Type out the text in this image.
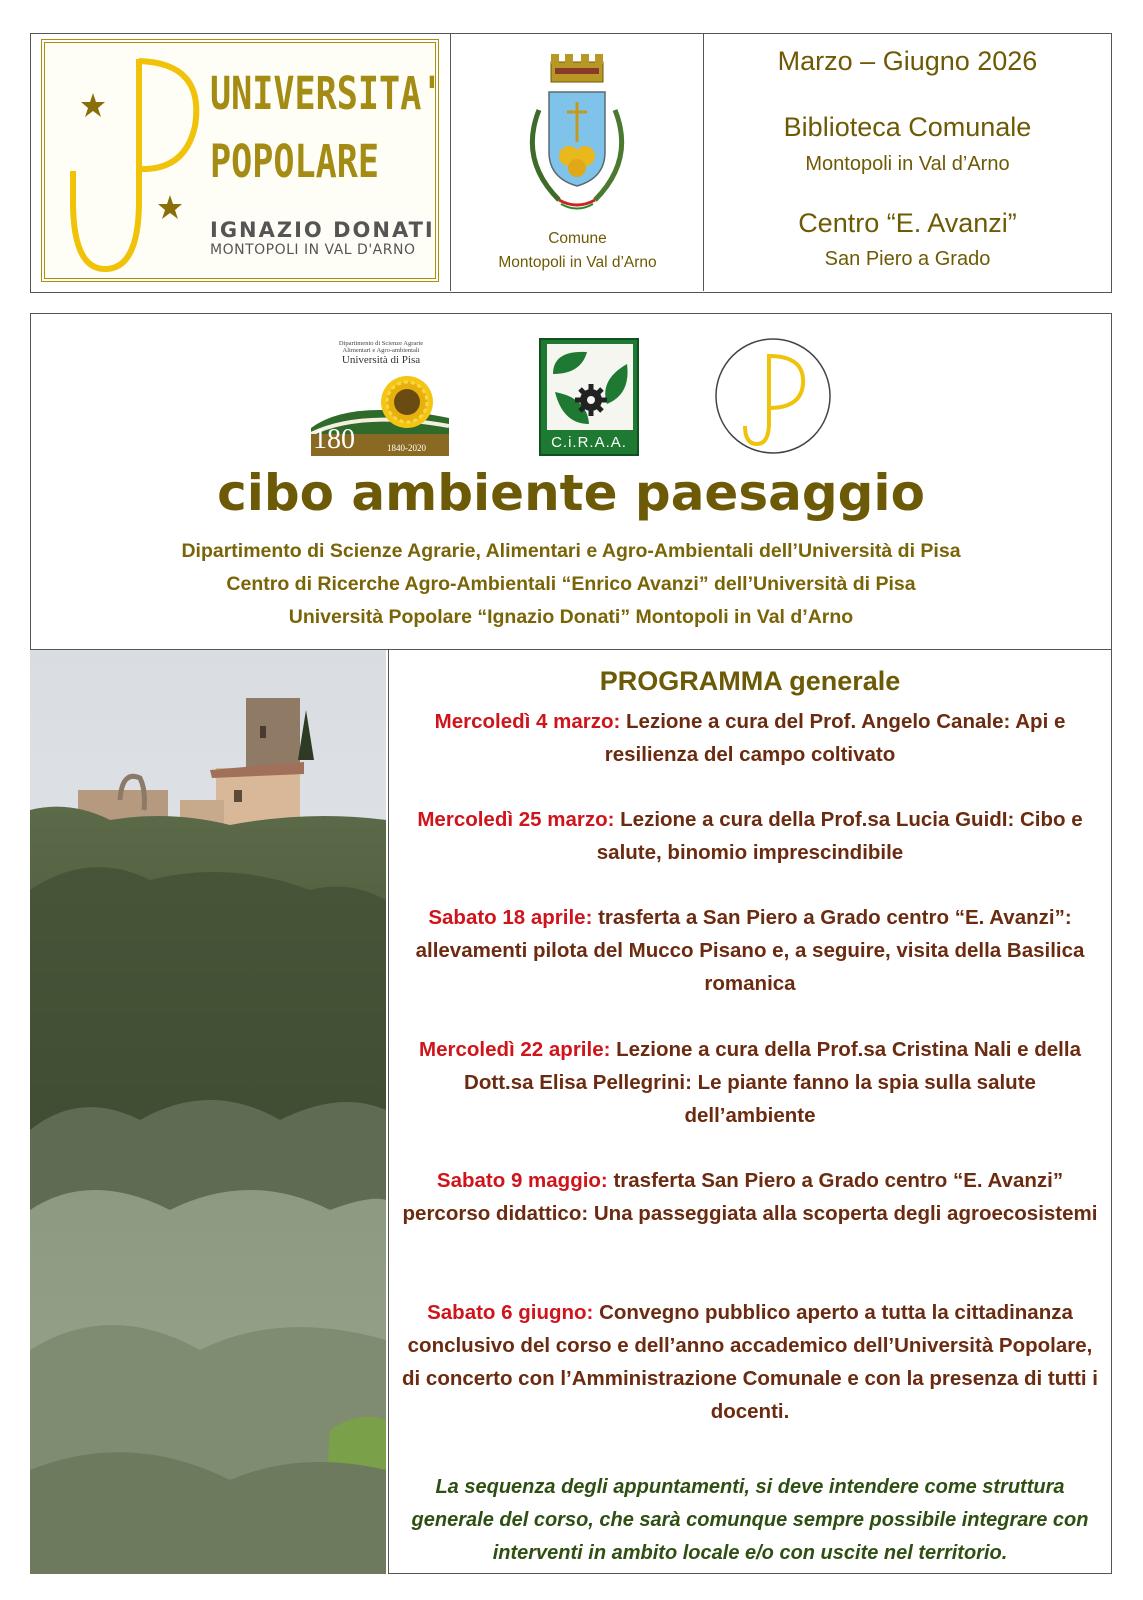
UNIVERSITA'
POPOLARE
IGNAZIO DONATI
MONTOPOLI IN VAL D'ARNO
Comune
Montopoli in Val d’Arno
Marzo – Giugno 2026
Biblioteca Comunale
Montopoli in Val d’Arno
Centro “E. Avanzi”
San Piero a Grado
Dipartimento di Scienze Agrarie
Alimentari e Agro-ambientali
Università di Pisa
180	1840-2020	C.i.R.A.A.
cibo ambiente paesaggio
Dipartimento di Scienze Agrarie, Alimentari e Agro-Ambientali dell’Università di Pisa
Centro di Ricerche Agro-Ambientali “Enrico Avanzi” dell’Università di Pisa
Università Popolare “Ignazio Donati” Montopoli in Val d’Arno
PROGRAMMA generale
Mercoledì 4 marzo: Lezione a cura del Prof. Angelo Canale: Api e resilienza del campo coltivato
Mercoledì 25 marzo: Lezione a cura della Prof.sa Lucia GuidI: Cibo e salute, binomio imprescindibile
Sabato 18 aprile: trasferta a San Piero a Grado centro “E. Avanzi”: allevamenti pilota del Mucco Pisano e, a seguire, visita della Basilica romanica
Mercoledì 22 aprile: Lezione a cura della Prof.sa Cristina Nali e della Dott.sa Elisa Pellegrini: Le piante fanno la spia sulla salute dell’ambiente
Sabato 9 maggio: trasferta San Piero a Grado centro “E. Avanzi” percorso didattico: Una passeggiata alla scoperta degli agroecosistemi
Sabato 6 giugno: Convegno pubblico aperto a tutta la cittadinanza conclusivo del corso e dell’anno accademico dell’Università Popolare, di concerto con l’Amministrazione Comunale e con la presenza di tutti i docenti.
La sequenza degli appuntamenti, si deve intendere come struttura generale del corso, che sarà comunque sempre possibile integrare con interventi in ambito locale e/o con uscite nel territorio.
